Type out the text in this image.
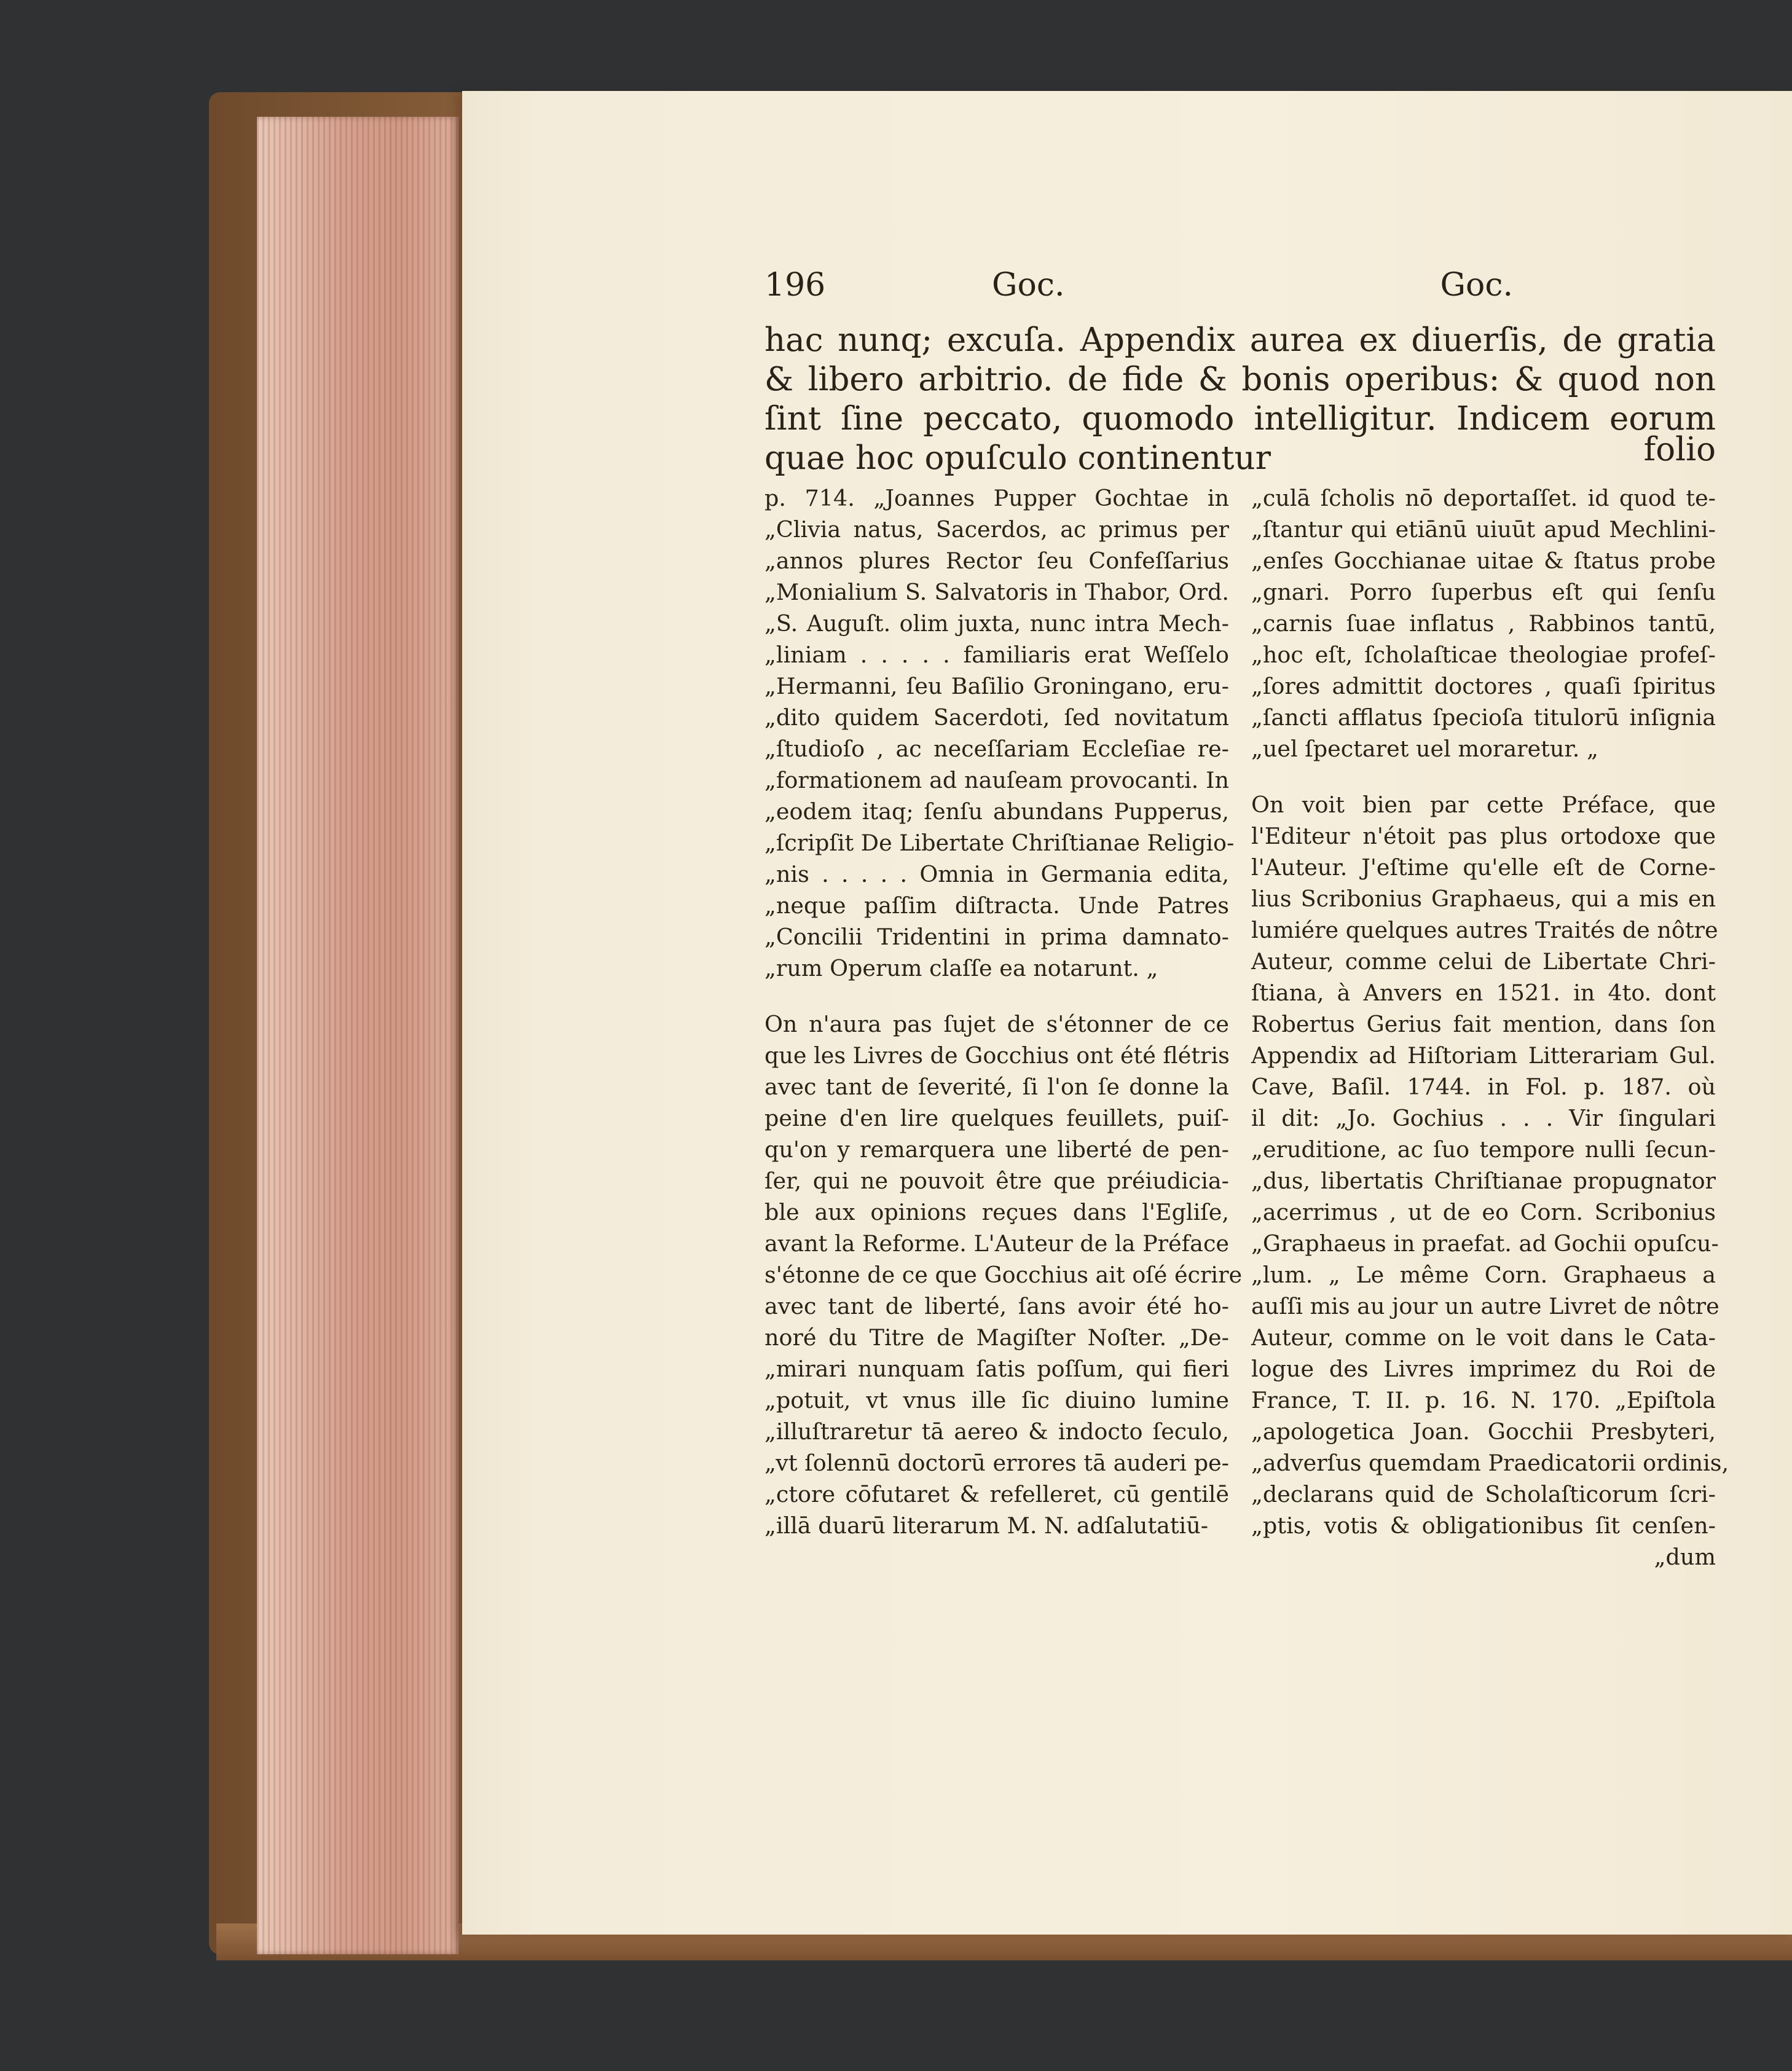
196	Goc.	Goc.
hac nunq; excuſa. Appendix aurea ex diuerſis, de gratia & libero arbitrio. de fide & bonis operibus: & quod non ſint ſine peccato, quomodo intelligitur. Indicem eorum quae hoc opuſculo continentur	folio

p. 714. „Joannes Pupper Gochtae in

„Clivia natus, Sacerdos, ac primus per

„annos plures Rector ſeu Confeſſarius

„Monialium S. Salvatoris in Thabor, Ord.

„S. Auguſt. olim juxta, nunc intra Mech-

„liniam . . . . . familiaris erat Weſſelo

„Hermanni, ſeu Baſilio Groningano, eru-

„dito quidem Sacerdoti, ſed novitatum

„ſtudioſo , ac neceſſariam Eccleſiae re-

„formationem ad nauſeam provocanti. In

„eodem itaq; ſenſu abundans Pupperus,

„ſcripſit De Libertate Chriſtianae Religio-

„nis . . . . . Omnia in Germania edita,

„neque paſſim diſtracta. Unde Patres

„Concilii Tridentini in prima damnato-

„rum Operum claſſe ea notarunt. „

On n'aura pas ſujet de s'étonner de ce

que les Livres de Gocchius ont été flétris

avec tant de ſeverité, ſi l'on ſe donne la

peine d'en lire quelques feuillets, puiſ-

qu'on y remarquera une liberté de pen-

ſer, qui ne pouvoit être que préiudicia-

ble aux opinions reçues dans l'Egliſe,

avant la Reforme. L'Auteur de la Préface

s'étonne de ce que Gocchius ait oſé écrire

avec tant de liberté, ſans avoir été ho-

noré du Titre de Magiſter Noſter. „De-

„mirari nunquam ſatis poſſum, qui fieri

„potuit, vt vnus ille ſic diuino lumine

„illuſtraretur tā aereo & indocto ſeculo,

„vt ſolennū doctorū errores tā auderi pe-

„ctore cōfutaret & refelleret, cū gentilē

„illā duarū literarum M. N. adſalutatiū-

„culā ſcholis nō deportaſſet. id quod te-

„ſtantur qui etiānū uiuūt apud Mechlini-

„enſes Gocchianae uitae & ſtatus probe

„gnari. Porro ſuperbus eſt qui ſenſu

„carnis ſuae inflatus , Rabbinos tantū,

„hoc eſt, ſcholaſticae theologiae profeſ-

„ſores admittit doctores , quaſi ſpiritus

„ſancti afflatus ſpecioſa titulorū inſignia

„uel ſpectaret uel moraretur. „

On voit bien par cette Préface, que

l'Editeur n'étoit pas plus ortodoxe que

l'Auteur. J'eſtime qu'elle eſt de Corne-

lius Scribonius Graphaeus, qui a mis en

lumiére quelques autres Traités de nôtre

Auteur, comme celui de Libertate Chri-

ſtiana, à Anvers en 1521. in 4to. dont

Robertus Gerius fait mention, dans ſon

Appendix ad Hiſtoriam Litterariam Gul.

Cave, Baſil. 1744. in Fol. p. 187. où

il dit: „Jo. Gochius . . . Vir ſingulari

„eruditione, ac ſuo tempore nulli ſecun-

„dus, libertatis Chriſtianae propugnator

„acerrimus , ut de eo Corn. Scribonius

„Graphaeus in praefat. ad Gochii opuſcu-

„lum. „ Le même Corn. Graphaeus a

auſſi mis au jour un autre Livret de nôtre

Auteur, comme on le voit dans le Cata-

logue des Livres imprimez du Roi de

France, T. II. p. 16. N. 170. „Epiſtola

„apologetica Joan. Gocchii Presbyteri,

„adverſus quemdam Praedicatorii ordinis,

„declarans quid de Scholaſticorum ſcri-

„ptis, votis & obligationibus ſit cenſen-

„dum
